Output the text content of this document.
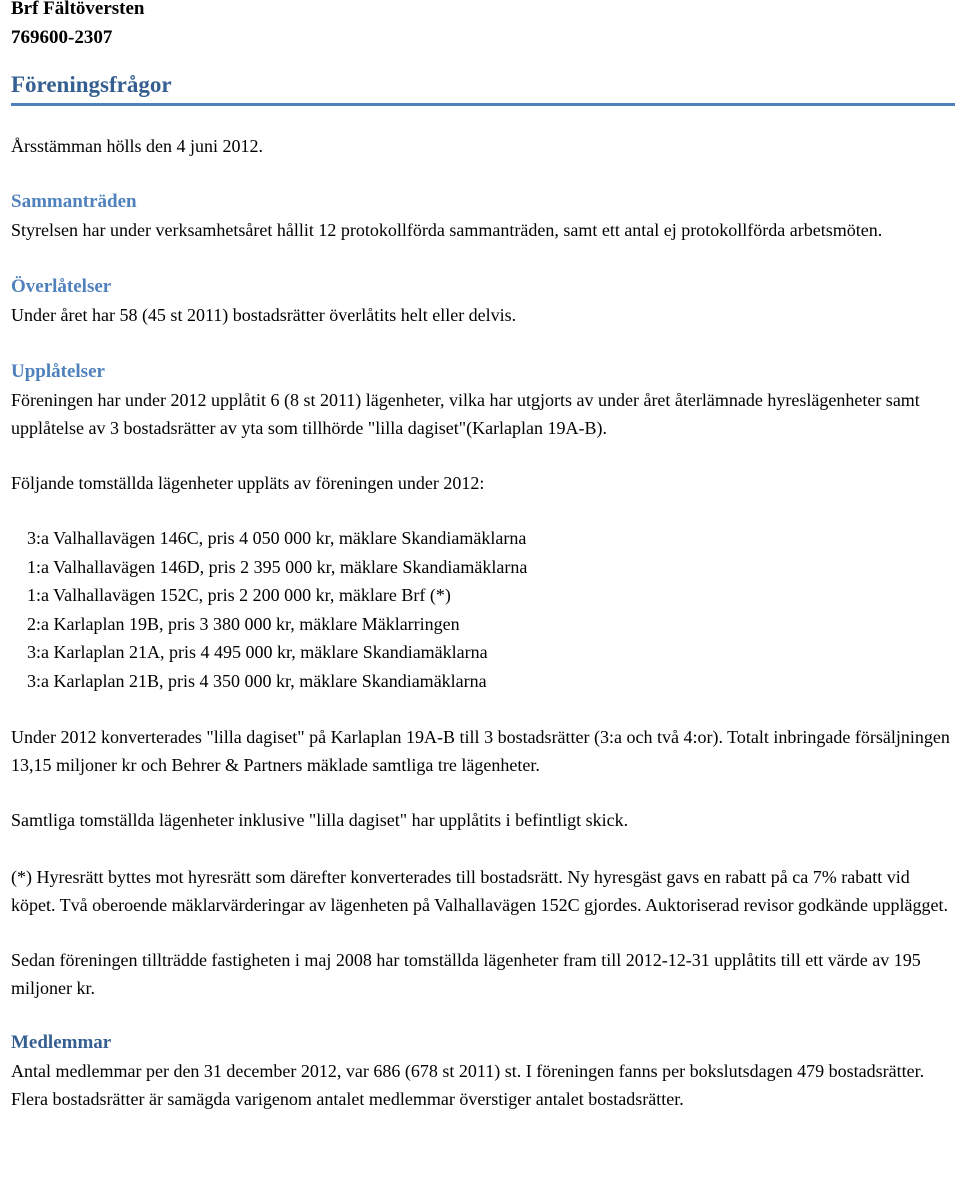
Brf Fältöversten

769600-2307

Föreningsfrågor

Årsstämman hölls den 4 juni 2012.

Sammanträden

Styrelsen har under verksamhetsåret hållit 12 protokollförda sammanträden, samt ett antal ej protokollförda arbetsmöten.

Överlåtelser

Under året har 58 (45 st 2011) bostadsrätter överlåtits helt eller delvis.

Upplåtelser

Föreningen har under 2012 upplåtit 6 (8 st 2011) lägenheter, vilka har utgjorts av under året återlämnade hyreslägenheter samt upplåtelse av 3 bostadsrätter av yta som tillhörde "lilla dagiset"(Karlaplan 19A-B).

Följande tomställda lägenheter uppläts av föreningen under 2012:

3:a Valhallavägen 146C, pris 4 050 000 kr, mäklare Skandiamäklarna
1:a Valhallavägen 146D, pris 2 395 000 kr, mäklare Skandiamäklarna
1:a Valhallavägen 152C, pris 2 200 000 kr, mäklare Brf (*)
2:a Karlaplan 19B, pris 3 380 000 kr, mäklare Mäklarringen
3:a Karlaplan 21A, pris 4 495 000 kr, mäklare Skandiamäklarna
3:a Karlaplan 21B, pris 4 350 000 kr, mäklare Skandiamäklarna

Under 2012 konverterades "lilla dagiset" på Karlaplan 19A-B till 3 bostadsrätter (3:a och två 4:or). Totalt inbringade försäljningen 13,15 miljoner kr och Behrer & Partners mäklade samtliga tre lägenheter.

Samtliga tomställda lägenheter inklusive "lilla dagiset" har upplåtits i befintligt skick.

(*) Hyresrätt byttes mot hyresrätt som därefter konverterades till bostadsrätt. Ny hyresgäst gavs en rabatt på ca 7% rabatt vid köpet. Två oberoende mäklarvärderingar av lägenheten på Valhallavägen 152C gjordes. Auktoriserad revisor godkände upplägget.

Sedan föreningen tillträdde fastigheten i maj 2008 har tomställda lägenheter fram till 2012-12-31 upplåtits till ett värde av 195 miljoner kr.

Medlemmar

Antal medlemmar per den 31 december 2012, var 686 (678 st 2011) st. I föreningen fanns per bokslutsdagen 479 bostadsrätter. Flera bostadsrätter är samägda varigenom antalet medlemmar överstiger antalet bostadsrätter.
